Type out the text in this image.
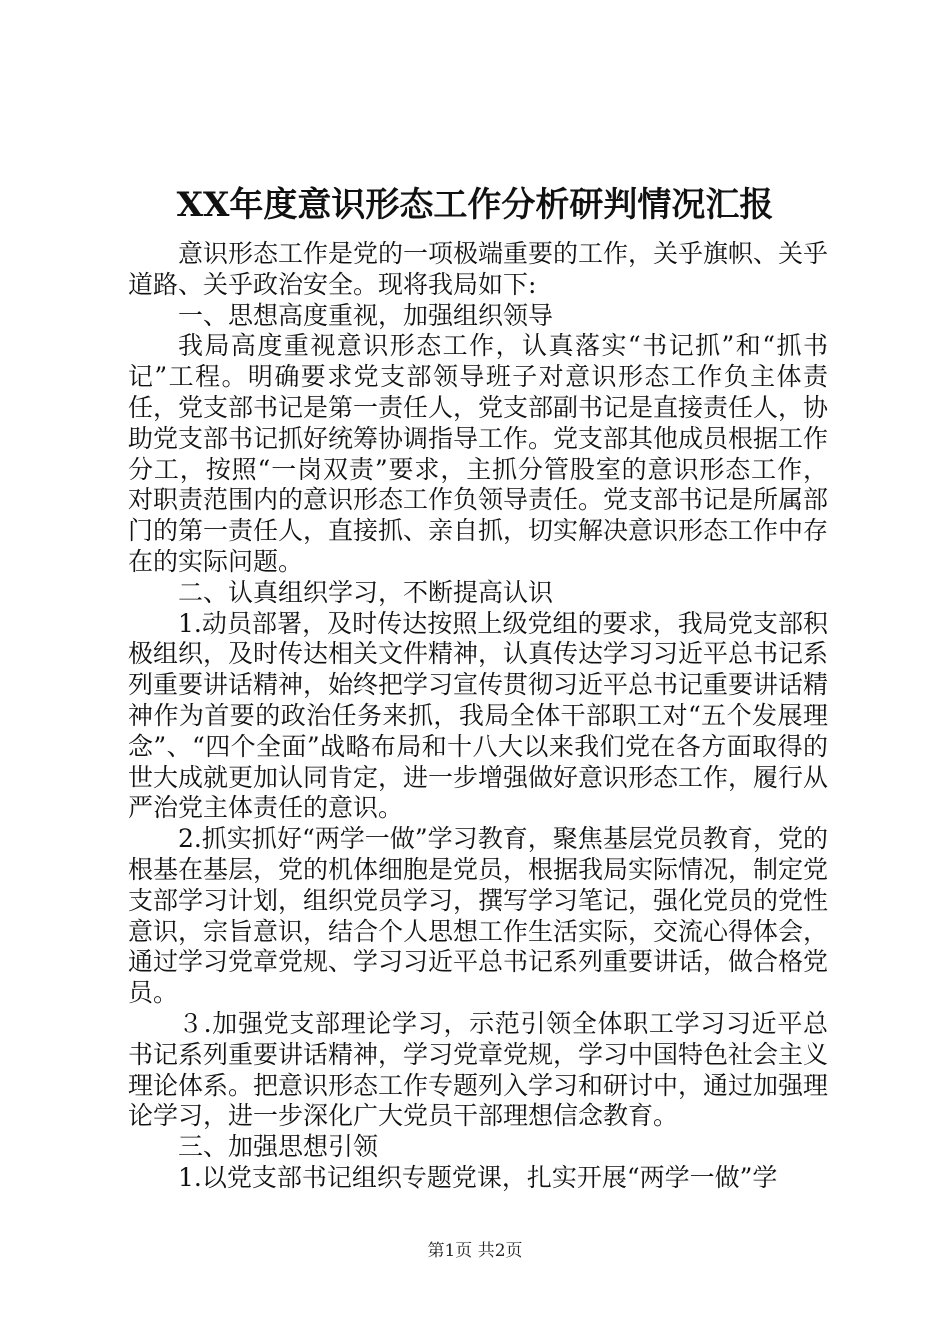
XX年度意识形态工作分析研判情况汇报

意识形态工作是党的一项极端重要的工作，关乎旗帜、关乎道路、关乎政治安全。现将我局如下:

一、思想高度重视，加强组织领导

我局高度重视意识形态工作，认真落实“书记抓”和“抓书记”工程。明确要求党支部领导班子对意识形态工作负主体责任，党支部书记是第一责任人，党支部副书记是直接责任人，协助党支部书记抓好统筹协调指导工作。党支部其他成员根据工作分工，按照“一岗双责”要求，主抓分管股室的意识形态工作，对职责范围内的意识形态工作负领导责任。党支部书记是所属部门的第一责任人，直接抓、亲自抓，切实解决意识形态工作中存在的实际问题。

二、认真组织学习，不断提高认识

1.动员部署，及时传达按照上级党组的要求，我局党支部积极组织，及时传达相关文件精神，认真传达学习习近平总书记系列重要讲话精神，始终把学习宣传贯彻习近平总书记重要讲话精神作为首要的政治任务来抓，我局全体干部职工对“五个发展理念”、“四个全面”战略布局和十八大以来我们党在各方面取得的世大成就更加认同肯定，进一步增强做好意识形态工作，履行从严治党主体责任的意识。

2.抓实抓好“两学一做”学习教育，聚焦基层党员教育，党的根基在基层，党的机体细胞是党员，根据我局实际情况，制定党支部学习计划，组织党员学习，撰写学习笔记，强化党员的党性意识，宗旨意识，结合个人思想工作生活实际，交流心得体会，通过学习党章党规、学习习近平总书记系列重要讲话，做合格党员。

３.加强党支部理论学习，示范引领全体职工学习习近平总书记系列重要讲话精神，学习党章党规，学习中国特色社会主义理论体系。把意识形态工作专题列入学习和研讨中，通过加强理论学习，进一步深化广大党员干部理想信念教育。

三、加强思想引领

1.以党支部书记组织专题党课，扎实开展“两学一做”学

第1页 共2页
